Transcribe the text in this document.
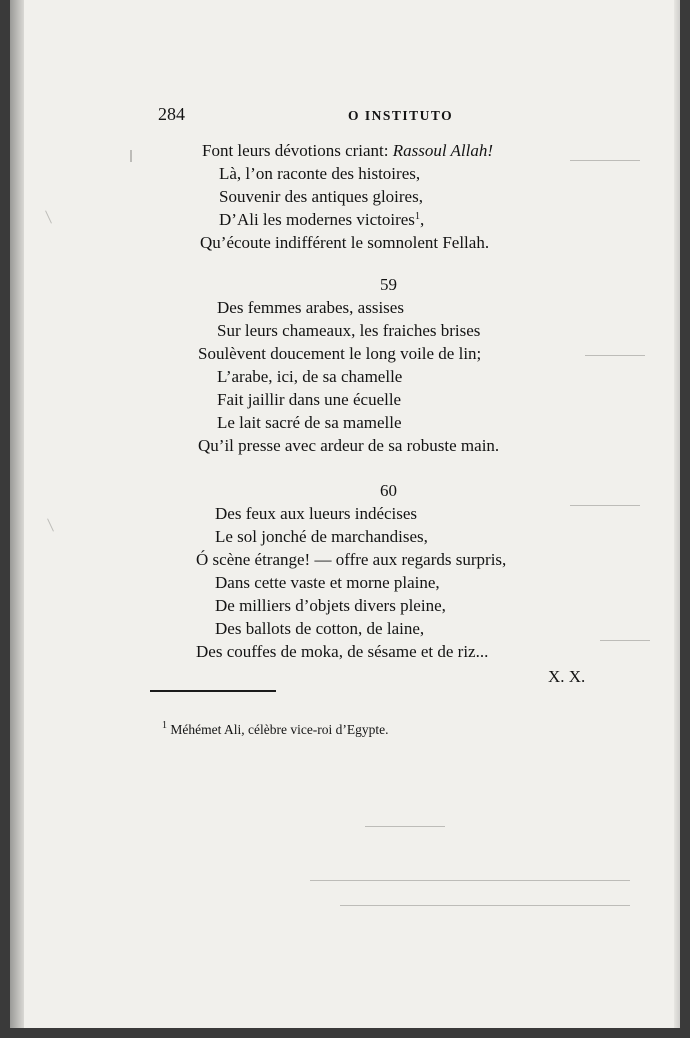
284	O INSTITUTO
Font leurs dévotions criant: Rassoul Allah!
Là, l’on raconte des histoires,
Souvenir des antiques gloires,
D’Ali les modernes victoires$^1$,
Qu’écoute indifférent le somnolent Fellah.
59
Des femmes arabes, assises
Sur leurs chameaux, les fraiches brises
Soulèvent doucement le long voile de lin;
L’arabe, ici, de sa chamelle
Fait jaillir dans une écuelle
Le lait sacré de sa mamelle
Qu’il presse avec ardeur de sa robuste main.
60
Des feux aux lueurs indécises
Le sol jonché de marchandises,
Ó scène étrange! — offre aux regards surpris,
Dans cette vaste et morne plaine,
De milliers d’objets divers pleine,
Des ballots de cotton, de laine,
Des couffes de moka, de sésame et de riz...
X. X.
$^1$ Méhémet Ali, célèbre vice-roi d’Egypte.
